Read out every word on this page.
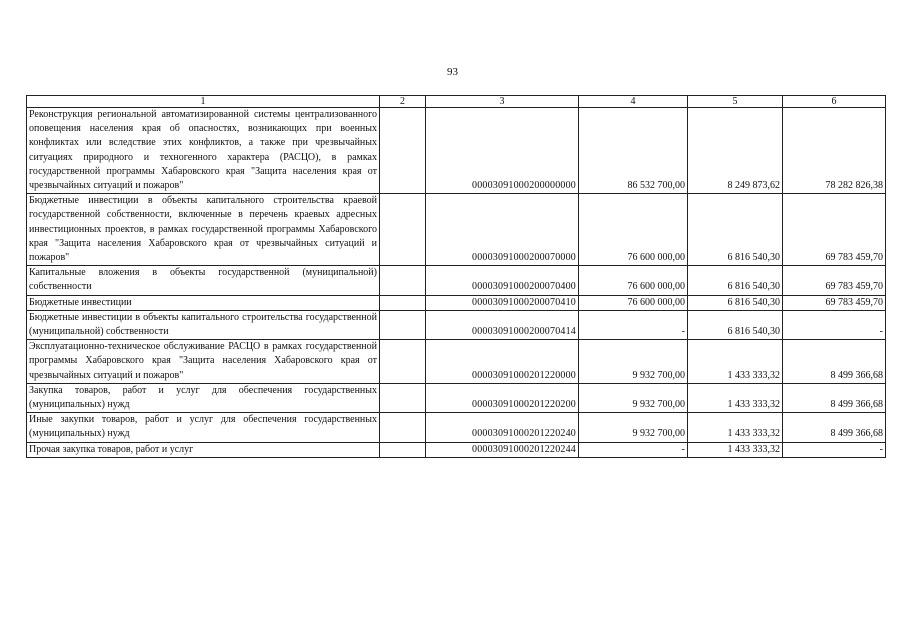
93
1	2	3	4	5	6
Реконструкция региональной автоматизированной системы централизованного оповещения населения края об опасностях, возникающих при военных конфликтах или вследствие этих конфликтов, а также при чрезвычайных ситуациях природного и техногенного характера (РАСЦО), в рамках государственной программы Хабаровского края "Защита населения края от чрезвычайных ситуаций и пожаров"		00003091000200000000	86 532 700,00	8 249 873,62	78 282 826,38
Бюджетные инвестиции в объекты капитального строительства краевой государственной собственности, включенные в перечень краевых адресных инвестиционных проектов, в рамках государственной программы Хабаровского края "Защита населения Хабаровского края от чрезвычайных ситуаций и пожаров"		00003091000200070000	76 600 000,00	6 816 540,30	69 783 459,70
Капитальные вложения в объекты государственной (муниципальной) собственности		00003091000200070400	76 600 000,00	6 816 540,30	69 783 459,70
Бюджетные инвестиции		00003091000200070410	76 600 000,00	6 816 540,30	69 783 459,70
Бюджетные инвестиции в объекты капитального строительства государственной (муниципальной) собственности		00003091000200070414	-	6 816 540,30	-
Эксплуатационно-техническое обслуживание РАСЦО в рамках государственной программы Хабаровского края "Защита населения Хабаровского края от чрезвычайных ситуаций и пожаров"		00003091000201220000	9 932 700,00	1 433 333,32	8 499 366,68
Закупка товаров, работ и услуг для обеспечения государственных (муниципальных) нужд		00003091000201220200	9 932 700,00	1 433 333,32	8 499 366,68
Иные закупки товаров, работ и услуг для обеспечения государственных (муниципальных) нужд		00003091000201220240	9 932 700,00	1 433 333,32	8 499 366,68
Прочая закупка товаров, работ и услуг		00003091000201220244	-	1 433 333,32	-
